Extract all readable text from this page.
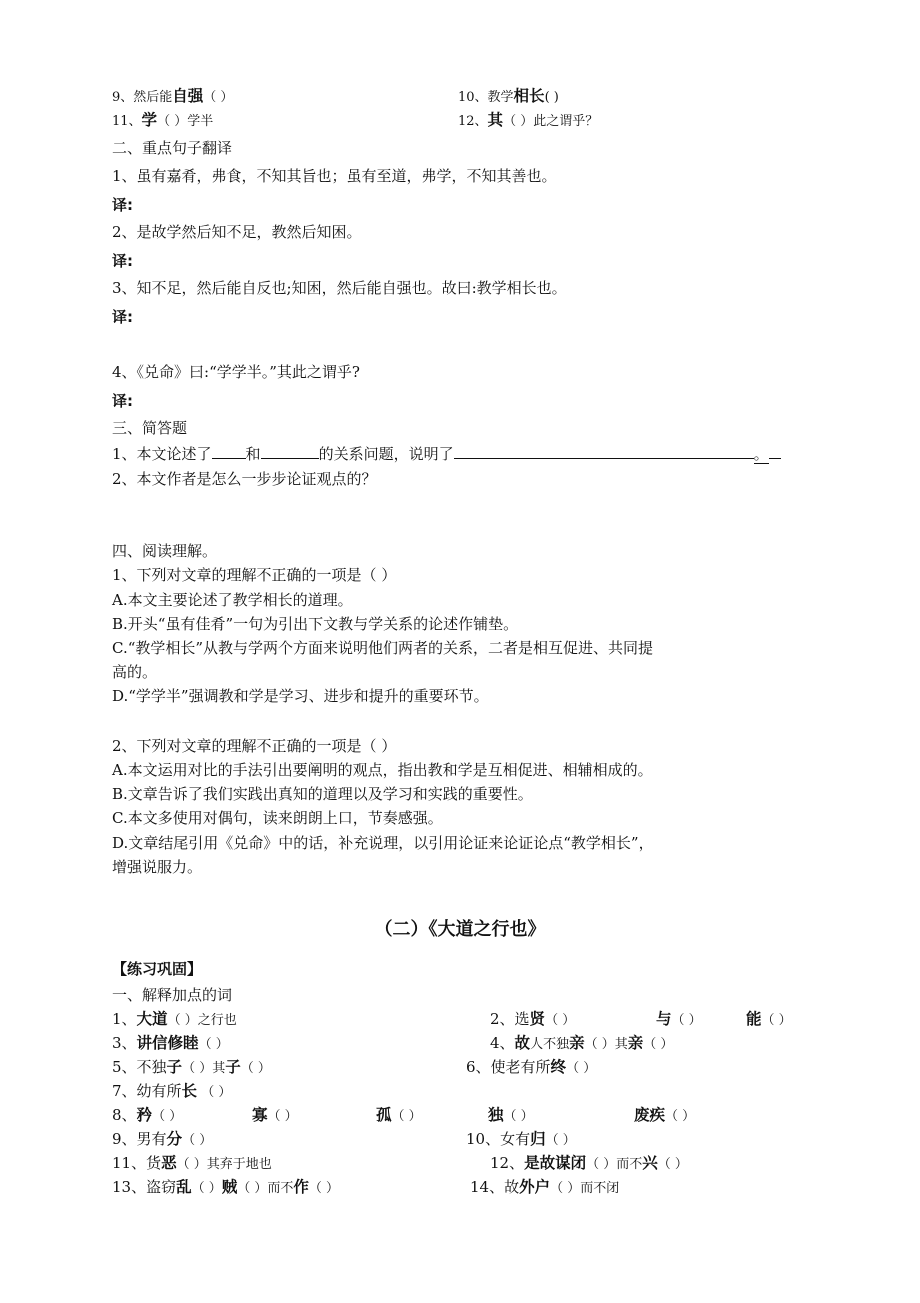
9、然后能自强（ ）	10、教学相长( )
11、学（ ）学半	12、其（ ）此之谓乎？
二、重点句子翻译
1、虽有嘉肴，弗食，不知其旨也；虽有至道，弗学，不知其善也。
译:
2、是故学然后知不足，教然后知困。
译:
3、知不足，然后能自反也;知困，然后能自强也。故曰:教学相长也。
译:
4、《兑命》曰:“学学半。”其此之谓乎?
译:
三、简答题
1、本文论述了 和	的关系问题，说明了	。
2、本文作者是怎么一步步论证观点的？
四、阅读理解。
1、下列对文章的理解不正确的一项是（ ）
A.本文主要论述了教学相长的道理。
B.开头“虽有佳肴”一句为引出下文教与学关系的论述作铺垫。
C.“教学相长”从教与学两个方面来说明他们两者的关系，二者是相互促进、共同提
高的。
D.“学学半”强调教和学是学习、进步和提升的重要环节。
2、下列对文章的理解不正确的一项是（ ）
A.本文运用对比的手法引出要阐明的观点，指出教和学是互相促进、相辅相成的。
B.文章告诉了我们实践出真知的道理以及学习和实践的重要性。
C.本文多使用对偶句，读来朗朗上口，节奏感强。
D.文章结尾引用《兑命》中的话，补充说理，以引用论证来论证论点“教学相长”，
增强说服力。
（二）《大道之行也》
【练习巩固】
一、解释加点的词
1、大道（ ）之行也	2、选贤（ ）	与（ ）	能（ ）
3、讲信修睦（ ）	4、故人不独亲（ ）其亲（ ）
5、不独子（ ）其子（ ）	6、使老有所终（ ）
7、幼有所长 （ ）
8、矜（ ）	寡（ ）	孤（ ）	独（ ）	废疾（ ）
9、男有分（ ）	10、女有归（ ）
11、货恶（ ）其弃于地也	12、是故谋闭（ ）而不兴（ ）
13、盗窃乱（ ）贼（ ）而不作（ ）	14、故外户（ ）而不闭
